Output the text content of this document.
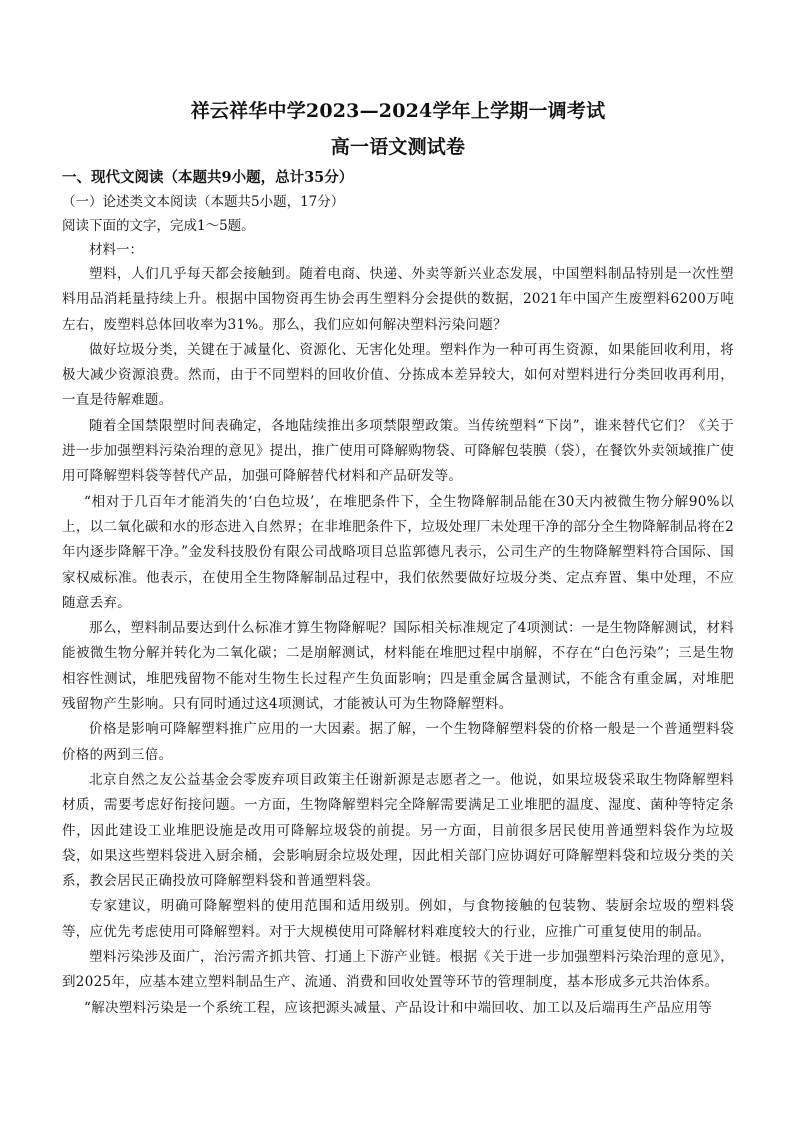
祥云祥华中学2023—2024学年上学期一调考试
高一语文测试卷

一、现代文阅读（本题共9小题，总计35分）

（一）论述类文本阅读（本题共5小题，17分）

阅读下面的文字，完成1～5题。

材料一：

塑料，人们几乎每天都会接触到。随着电商、快递、外卖等新兴业态发展，中国塑料制品特别是一次性塑料用品消耗量持续上升。根据中国物资再生协会再生塑料分会提供的数据，2021年中国产生废塑料6200万吨左右，废塑料总体回收率为31%。那么，我们应如何解决塑料污染问题？

做好垃圾分类，关键在于减量化、资源化、无害化处理。塑料作为一种可再生资源，如果能回收利用，将极大减少资源浪费。然而，由于不同塑料的回收价值、分拣成本差异较大，如何对塑料进行分类回收再利用，一直是待解难题。

随着全国禁限塑时间表确定，各地陆续推出多项禁限塑政策。当传统塑料“下岗”，谁来替代它们？《关于进一步加强塑料污染治理的意见》提出，推广使用可降解购物袋、可降解包装膜（袋），在餐饮外卖领域推广使用可降解塑料袋等替代产品，加强可降解替代材料和产品研发等。

“相对于几百年才能消失的‘白色垃圾’，在堆肥条件下，全生物降解制品能在30天内被微生物分解90%以上，以二氧化碳和水的形态进入自然界；在非堆肥条件下，垃圾处理厂未处理干净的部分全生物降解制品将在2年内逐步降解干净。”金发科技股份有限公司战略项目总监郭德凡表示，公司生产的生物降解塑料符合国际、国家权威标准。他表示，在使用全生物降解制品过程中，我们依然要做好垃圾分类、定点弃置、集中处理，不应随意丢弃。

那么，塑料制品要达到什么标准才算生物降解呢？国际相关标准规定了4项测试：一是生物降解测试，材料能被微生物分解并转化为二氧化碳；二是崩解测试，材料能在堆肥过程中崩解，不存在“白色污染”；三是生物相容性测试，堆肥残留物不能对生物生长过程产生负面影响；四是重金属含量测试，不能含有重金属，对堆肥残留物产生影响。只有同时通过这4项测试，才能被认可为生物降解塑料。

价格是影响可降解塑料推广应用的一大因素。据了解，一个生物降解塑料袋的价格一般是一个普通塑料袋价格的两到三倍。

北京自然之友公益基金会零废弃项目政策主任谢新源是志愿者之一。他说，如果垃圾袋采取生物降解塑料材质，需要考虑好衔接问题。一方面，生物降解塑料完全降解需要满足工业堆肥的温度、湿度、菌种等特定条件，因此建设工业堆肥设施是改用可降解垃圾袋的前提。另一方面，目前很多居民使用普通塑料袋作为垃圾袋，如果这些塑料袋进入厨余桶，会影响厨余垃圾处理，因此相关部门应协调好可降解塑料袋和垃圾分类的关系，教会居民正确投放可降解塑料袋和普通塑料袋。

专家建议，明确可降解塑料的使用范围和适用级别。例如，与食物接触的包装物、装厨余垃圾的塑料袋等，应优先考虑使用可降解塑料。对于大规模使用可降解材料难度较大的行业，应推广可重复使用的制品。

塑料污染涉及面广，治污需齐抓共管、打通上下游产业链。根据《关于进一步加强塑料污染治理的意见》，到2025年，应基本建立塑料制品生产、流通、消费和回收处置等环节的管理制度，基本形成多元共治体系。

“解决塑料污染是一个系统工程，应该把源头减量、产品设计和中端回收、加工以及后端再生产品应用等
